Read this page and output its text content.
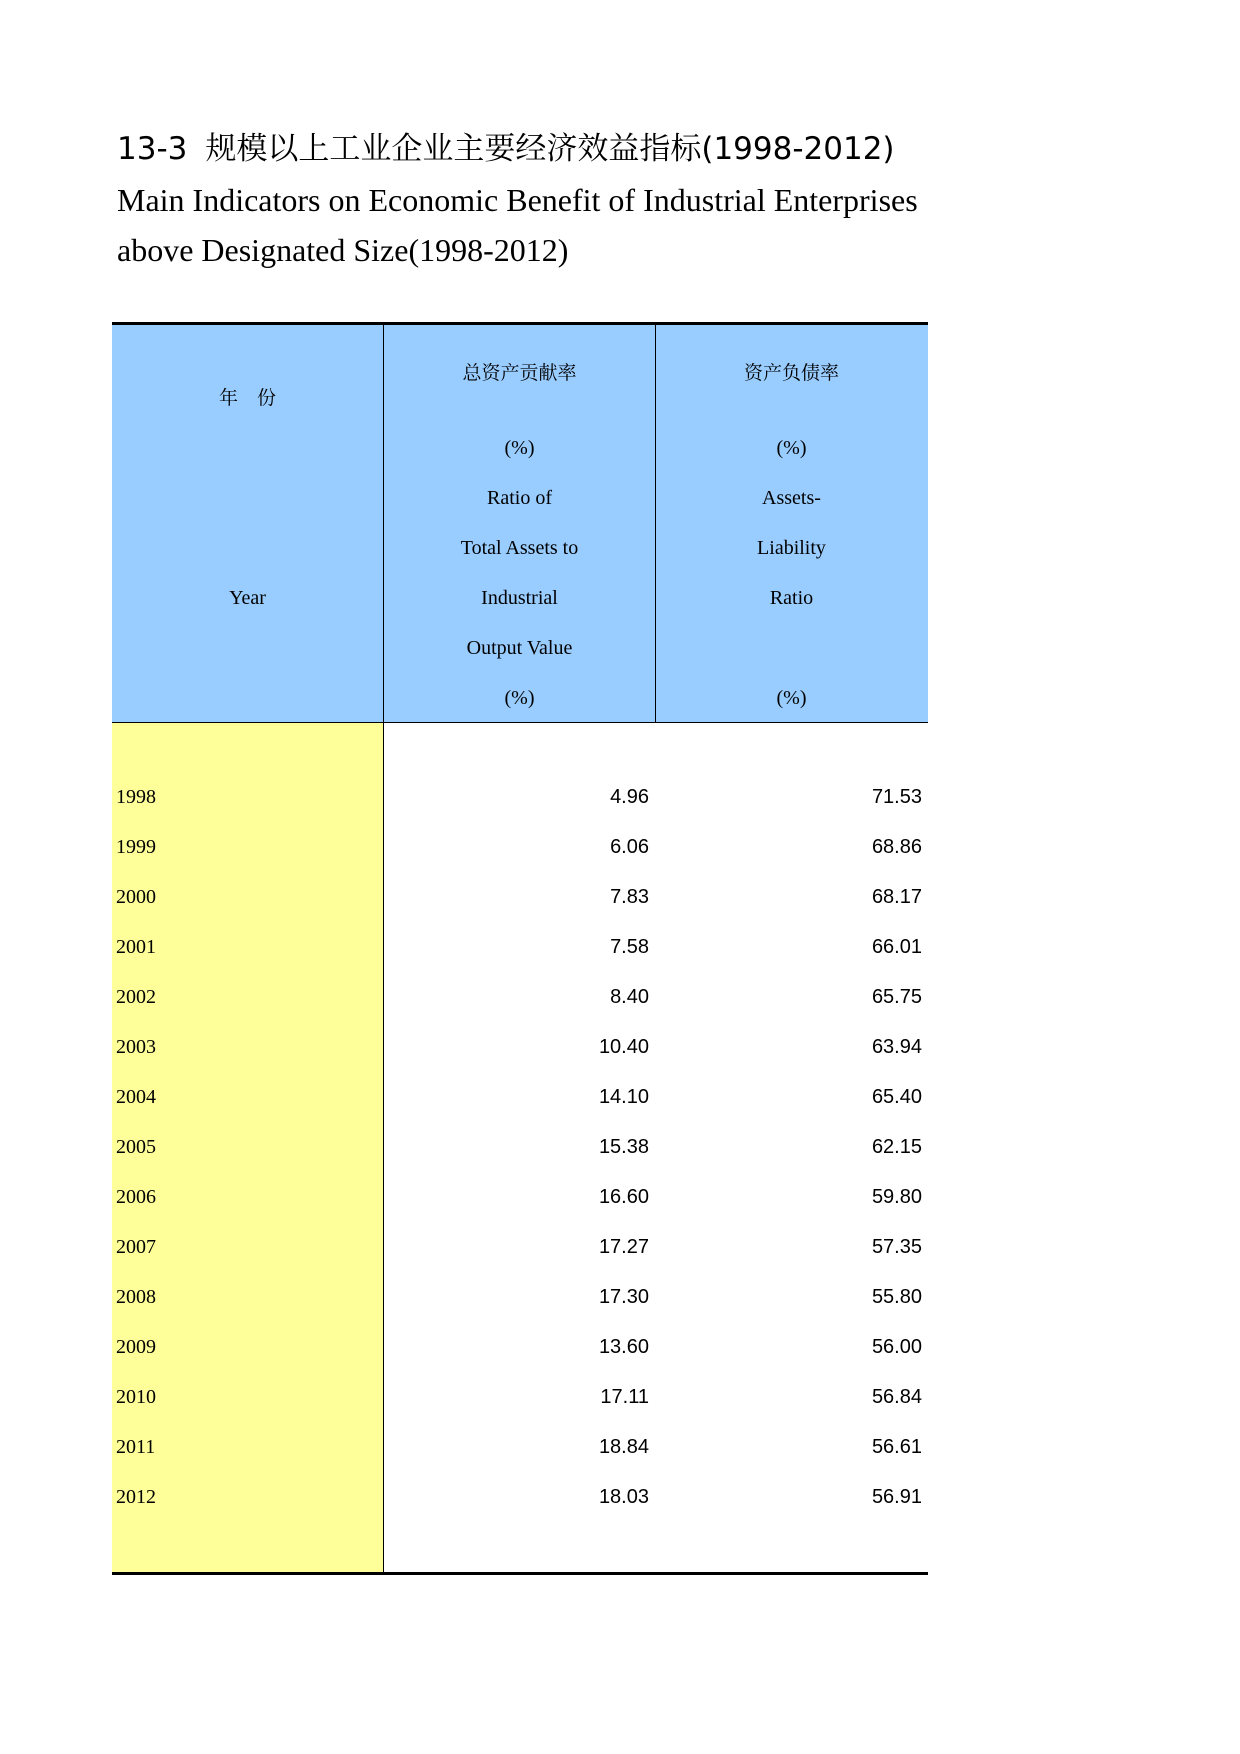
13-3 规模以上工业企业主要经济效益指标(1998-2012)
Main Indicators on Economic Benefit of Industrial Enterprises
above Designated Size(1998-2012)
年　份
Year
总资产贡献率
(%)
Ratio of
Total Assets to
Industrial
Output Value
(%)
资产负债率
(%)
Assets-
Liability
Ratio
(%)
1998	4.96	71.53
1999	6.06	68.86
2000	7.83	68.17
2001	7.58	66.01
2002	8.40	65.75
2003	10.40	63.94
2004	14.10	65.40
2005	15.38	62.15
2006	16.60	59.80
2007	17.27	57.35
2008	17.30	55.80
2009	13.60	56.00
2010	17.11	56.84
2011	18.84	56.61
2012	18.03	56.91
